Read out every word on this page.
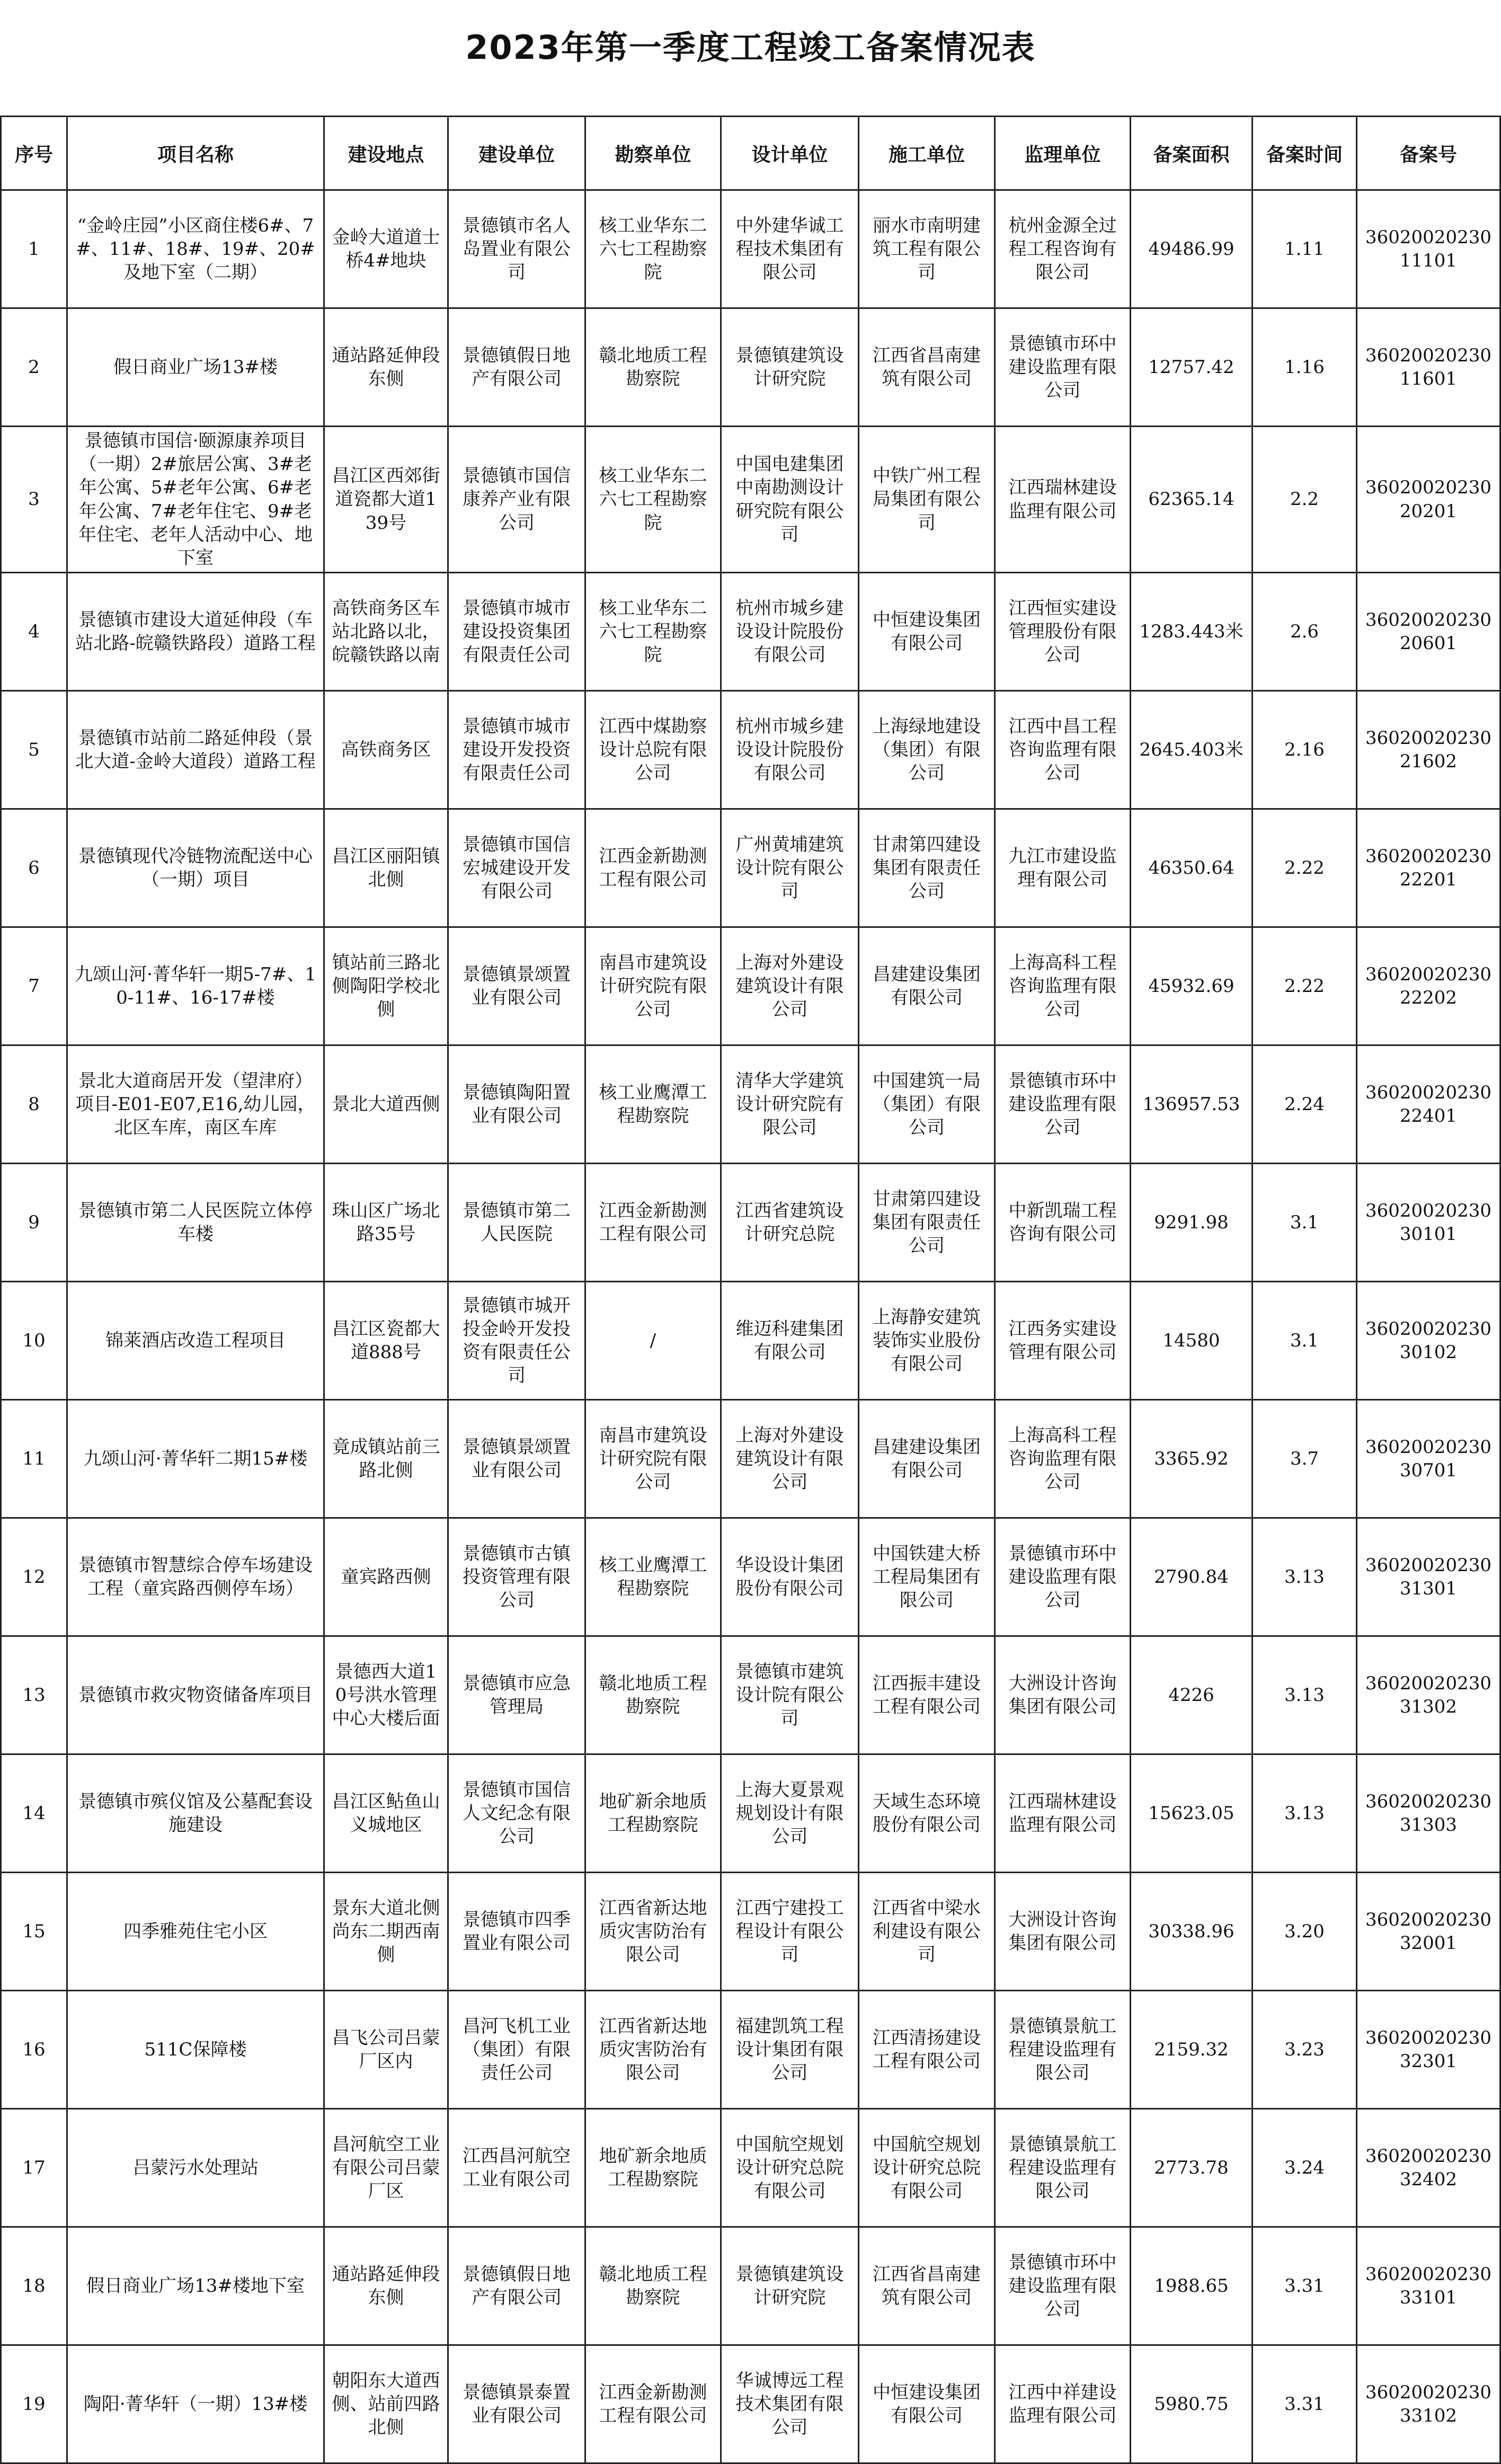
2023年第一季度工程竣工备案情况表
序号	项目名称	建设地点	建设单位	勘察单位	设计单位	施工单位	监理单位	备案面积	备案时间	备案号
1	“金岭庄园”小区商住楼6#、7#、11#、18#、19#、20#及地下室（二期）	金岭大道道士桥4#地块	景德镇市名人岛置业有限公司	核工业华东二六七工程勘察院	中外建华诚工程技术集团有限公司	丽水市南明建筑工程有限公司	杭州金源全过程工程咨询有限公司	49486.99	1.11	36020020230 11101
2	假日商业广场13#楼	通站路延伸段东侧	景德镇假日地产有限公司	赣北地质工程勘察院	景德镇建筑设计研究院	江西省昌南建筑有限公司	景德镇市环中建设监理有限公司	12757.42	1.16	36020020230 11601
3	景德镇市国信·颐源康养项目（一期）2#旅居公寓、3#老年公寓、5#老年公寓、6#老年公寓、7#老年住宅、9#老年住宅、老年人活动中心、地下室	昌江区西郊街道瓷都大道139号	景德镇市国信康养产业有限公司	核工业华东二六七工程勘察院	中国电建集团中南勘测设计研究院有限公司	中铁广州工程局集团有限公司	江西瑞林建设监理有限公司	62365.14	2.2	36020020230 20201
4	景德镇市建设大道延伸段（车站北路-皖赣铁路段）道路工程	高铁商务区车站北路以北，皖赣铁路以南	景德镇市城市建设投资集团有限责任公司	核工业华东二六七工程勘察院	杭州市城乡建设设计院股份有限公司	中恒建设集团有限公司	江西恒实建设管理股份有限公司	1283.443米	2.6	36020020230 20601
5	景德镇市站前二路延伸段（景北大道-金岭大道段）道路工程	高铁商务区	景德镇市城市建设开发投资有限责任公司	江西中煤勘察设计总院有限公司	杭州市城乡建设设计院股份有限公司	上海绿地建设（集团）有限公司	江西中昌工程咨询监理有限公司	2645.403米	2.16	36020020230 21602
6	景德镇现代冷链物流配送中心（一期）项目	昌江区丽阳镇北侧	景德镇市国信宏城建设开发有限公司	江西金新勘测工程有限公司	广州黄埔建筑设计院有限公司	甘肃第四建设集团有限责任公司	九江市建设监理有限公司	46350.64	2.22	36020020230 22201
7	九颂山河·菁华轩一期5-7#、10-11#、16-17#楼	镇站前三路北侧陶阳学校北侧	景德镇景颂置业有限公司	南昌市建筑设计研究院有限公司	上海对外建设建筑设计有限公司	昌建建设集团有限公司	上海高科工程咨询监理有限公司	45932.69	2.22	36020020230 22202
8	景北大道商居开发（望津府）项目-E01-E07,E16,幼儿园，北区车库，南区车库	景北大道西侧	景德镇陶阳置业有限公司	核工业鹰潭工程勘察院	清华大学建筑设计研究院有限公司	中国建筑一局（集团）有限公司	景德镇市环中建设监理有限公司	136957.53	2.24	36020020230 22401
9	景德镇市第二人民医院立体停车楼	珠山区广场北路35号	景德镇市第二人民医院	江西金新勘测工程有限公司	江西省建筑设计研究总院	甘肃第四建设集团有限责任公司	中新凯瑞工程咨询有限公司	9291.98	3.1	36020020230 30101
10	锦莱酒店改造工程项目	昌江区瓷都大道888号	景德镇市城开投金岭开发投资有限责任公司	/	维迈科建集团有限公司	上海静安建筑装饰实业股份有限公司	江西务实建设管理有限公司	14580	3.1	36020020230 30102
11	九颂山河·菁华轩二期15#楼	竟成镇站前三路北侧	景德镇景颂置业有限公司	南昌市建筑设计研究院有限公司	上海对外建设建筑设计有限公司	昌建建设集团有限公司	上海高科工程咨询监理有限公司	3365.92	3.7	36020020230 30701
12	景德镇市智慧综合停车场建设工程（童宾路西侧停车场）	童宾路西侧	景德镇市古镇投资管理有限公司	核工业鹰潭工程勘察院	华设设计集团股份有限公司	中国铁建大桥工程局集团有限公司	景德镇市环中建设监理有限公司	2790.84	3.13	36020020230 31301
13	景德镇市救灾物资储备库项目	景德西大道10号洪水管理中心大楼后面	景德镇市应急管理局	赣北地质工程勘察院	景德镇市建筑设计院有限公司	江西振丰建设工程有限公司	大洲设计咨询集团有限公司	4226	3.13	36020020230 31302
14	景德镇市殡仪馆及公墓配套设施建设	昌江区鲇鱼山义城地区	景德镇市国信人文纪念有限公司	地矿新余地质工程勘察院	上海大夏景观规划设计有限公司	天域生态环境股份有限公司	江西瑞林建设监理有限公司	15623.05	3.13	36020020230 31303
15	四季雅苑住宅小区	景东大道北侧尚东二期西南侧	景德镇市四季置业有限公司	江西省新达地质灾害防治有限公司	江西宁建投工程设计有限公司	江西省中梁水利建设有限公司	大洲设计咨询集团有限公司	30338.96	3.20	36020020230 32001
16	511C保障楼	昌飞公司吕蒙厂区内	昌河飞机工业（集团）有限责任公司	江西省新达地质灾害防治有限公司	福建凯筑工程设计集团有限公司	江西清扬建设工程有限公司	景德镇景航工程建设监理有限公司	2159.32	3.23	36020020230 32301
17	吕蒙污水处理站	昌河航空工业有限公司吕蒙厂区	江西昌河航空工业有限公司	地矿新余地质工程勘察院	中国航空规划设计研究总院有限公司	中国航空规划设计研究总院有限公司	景德镇景航工程建设监理有限公司	2773.78	3.24	36020020230 32402
18	假日商业广场13#楼地下室	通站路延伸段东侧	景德镇假日地产有限公司	赣北地质工程勘察院	景德镇建筑设计研究院	江西省昌南建筑有限公司	景德镇市环中建设监理有限公司	1988.65	3.31	36020020230 33101
19	陶阳·菁华轩（一期）13#楼	朝阳东大道西侧、站前四路北侧	景德镇景泰置业有限公司	江西金新勘测工程有限公司	华诚博远工程技术集团有限公司	中恒建设集团有限公司	江西中祥建设监理有限公司	5980.75	3.31	36020020230 33102
